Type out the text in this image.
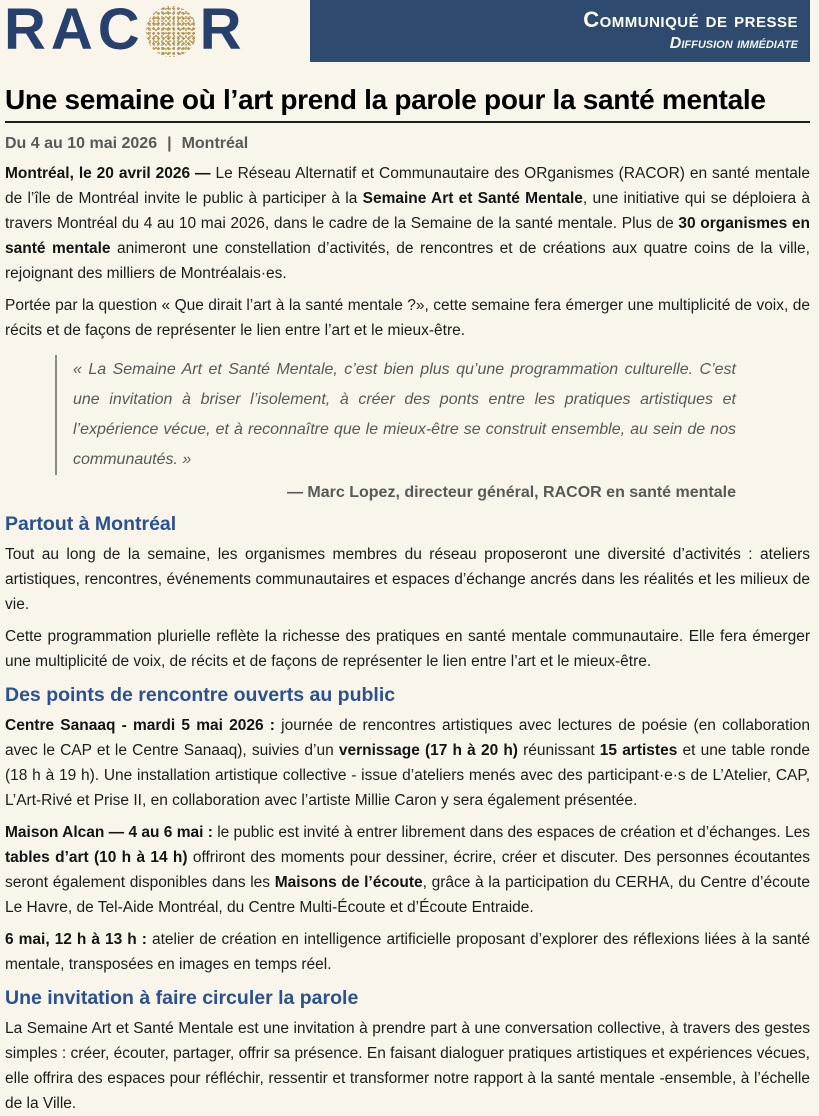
RAC R	Communiqué de presse
Diffusion immédiate
Une semaine où l’art prend la parole pour la santé mentale
Du 4 au 10 mai 2026 | Montréal

Montréal, le 20 avril 2026 — Le Réseau Alternatif et Communautaire des ORganismes (RACOR) en santé mentale de l’île de Montréal invite le public à participer à la Semaine Art et Santé Mentale, une initiative qui se déploiera à travers Montréal du 4 au 10 mai 2026, dans le cadre de la Semaine de la santé mentale. Plus de 30 organismes en santé mentale animeront une constellation d’activités, de rencontres et de créations aux quatre coins de la ville, rejoignant des milliers de Montréalais·es.

Portée par la question « Que dirait l’art à la santé mentale ?», cette semaine fera émerger une multiplicité de voix, de récits et de façons de représenter le lien entre l’art et le mieux-être.

« La Semaine Art et Santé Mentale, c’est bien plus qu’une programmation culturelle. C’est une invitation à briser l’isolement, à créer des ponts entre les pratiques artistiques et l’expérience vécue, et à reconnaître que le mieux-être se construit ensemble, au sein de nos communautés. »
— Marc Lopez, directeur général, RACOR en santé mentale
Partout à Montréal

Tout au long de la semaine, les organismes membres du réseau proposeront une diversité d’activités : ateliers artistiques, rencontres, événements communautaires et espaces d’échange ancrés dans les réalités et les milieux de vie.

Cette programmation plurielle reflète la richesse des pratiques en santé mentale communautaire. Elle fera émerger une multiplicité de voix, de récits et de façons de représenter le lien entre l’art et le mieux-être.

Des points de rencontre ouverts au public

Centre Sanaaq - mardi 5 mai 2026 : journée de rencontres artistiques avec lectures de poésie (en collaboration avec le CAP et le Centre Sanaaq), suivies d’un vernissage (17 h à 20 h) réunissant 15 artistes et une table ronde (18 h à 19 h). Une installation artistique collective - issue d’ateliers menés avec des participant·e·s de L’Atelier, CAP, L’Art-Rivé et Prise II, en collaboration avec l’artiste Millie Caron y sera également présentée.

Maison Alcan — 4 au 6 mai : le public est invité à entrer librement dans des espaces de création et d’échanges. Les tables d’art (10 h à 14 h) offriront des moments pour dessiner, écrire, créer et discuter. Des personnes écoutantes seront également disponibles dans les Maisons de l’écoute, grâce à la participation du CERHA, du Centre d’écoute Le Havre, de Tel-Aide Montréal, du Centre Multi-Écoute et d’Écoute Entraide.

6 mai, 12 h à 13 h : atelier de création en intelligence artificielle proposant d’explorer des réflexions liées à la santé mentale, transposées en images en temps réel.

Une invitation à faire circuler la parole

La Semaine Art et Santé Mentale est une invitation à prendre part à une conversation collective, à travers des gestes simples : créer, écouter, partager, offrir sa présence. En faisant dialoguer pratiques artistiques et expériences vécues, elle offrira des espaces pour réfléchir, ressentir et transformer notre rapport à la santé mentale -ensemble, à l’échelle de la Ville.
